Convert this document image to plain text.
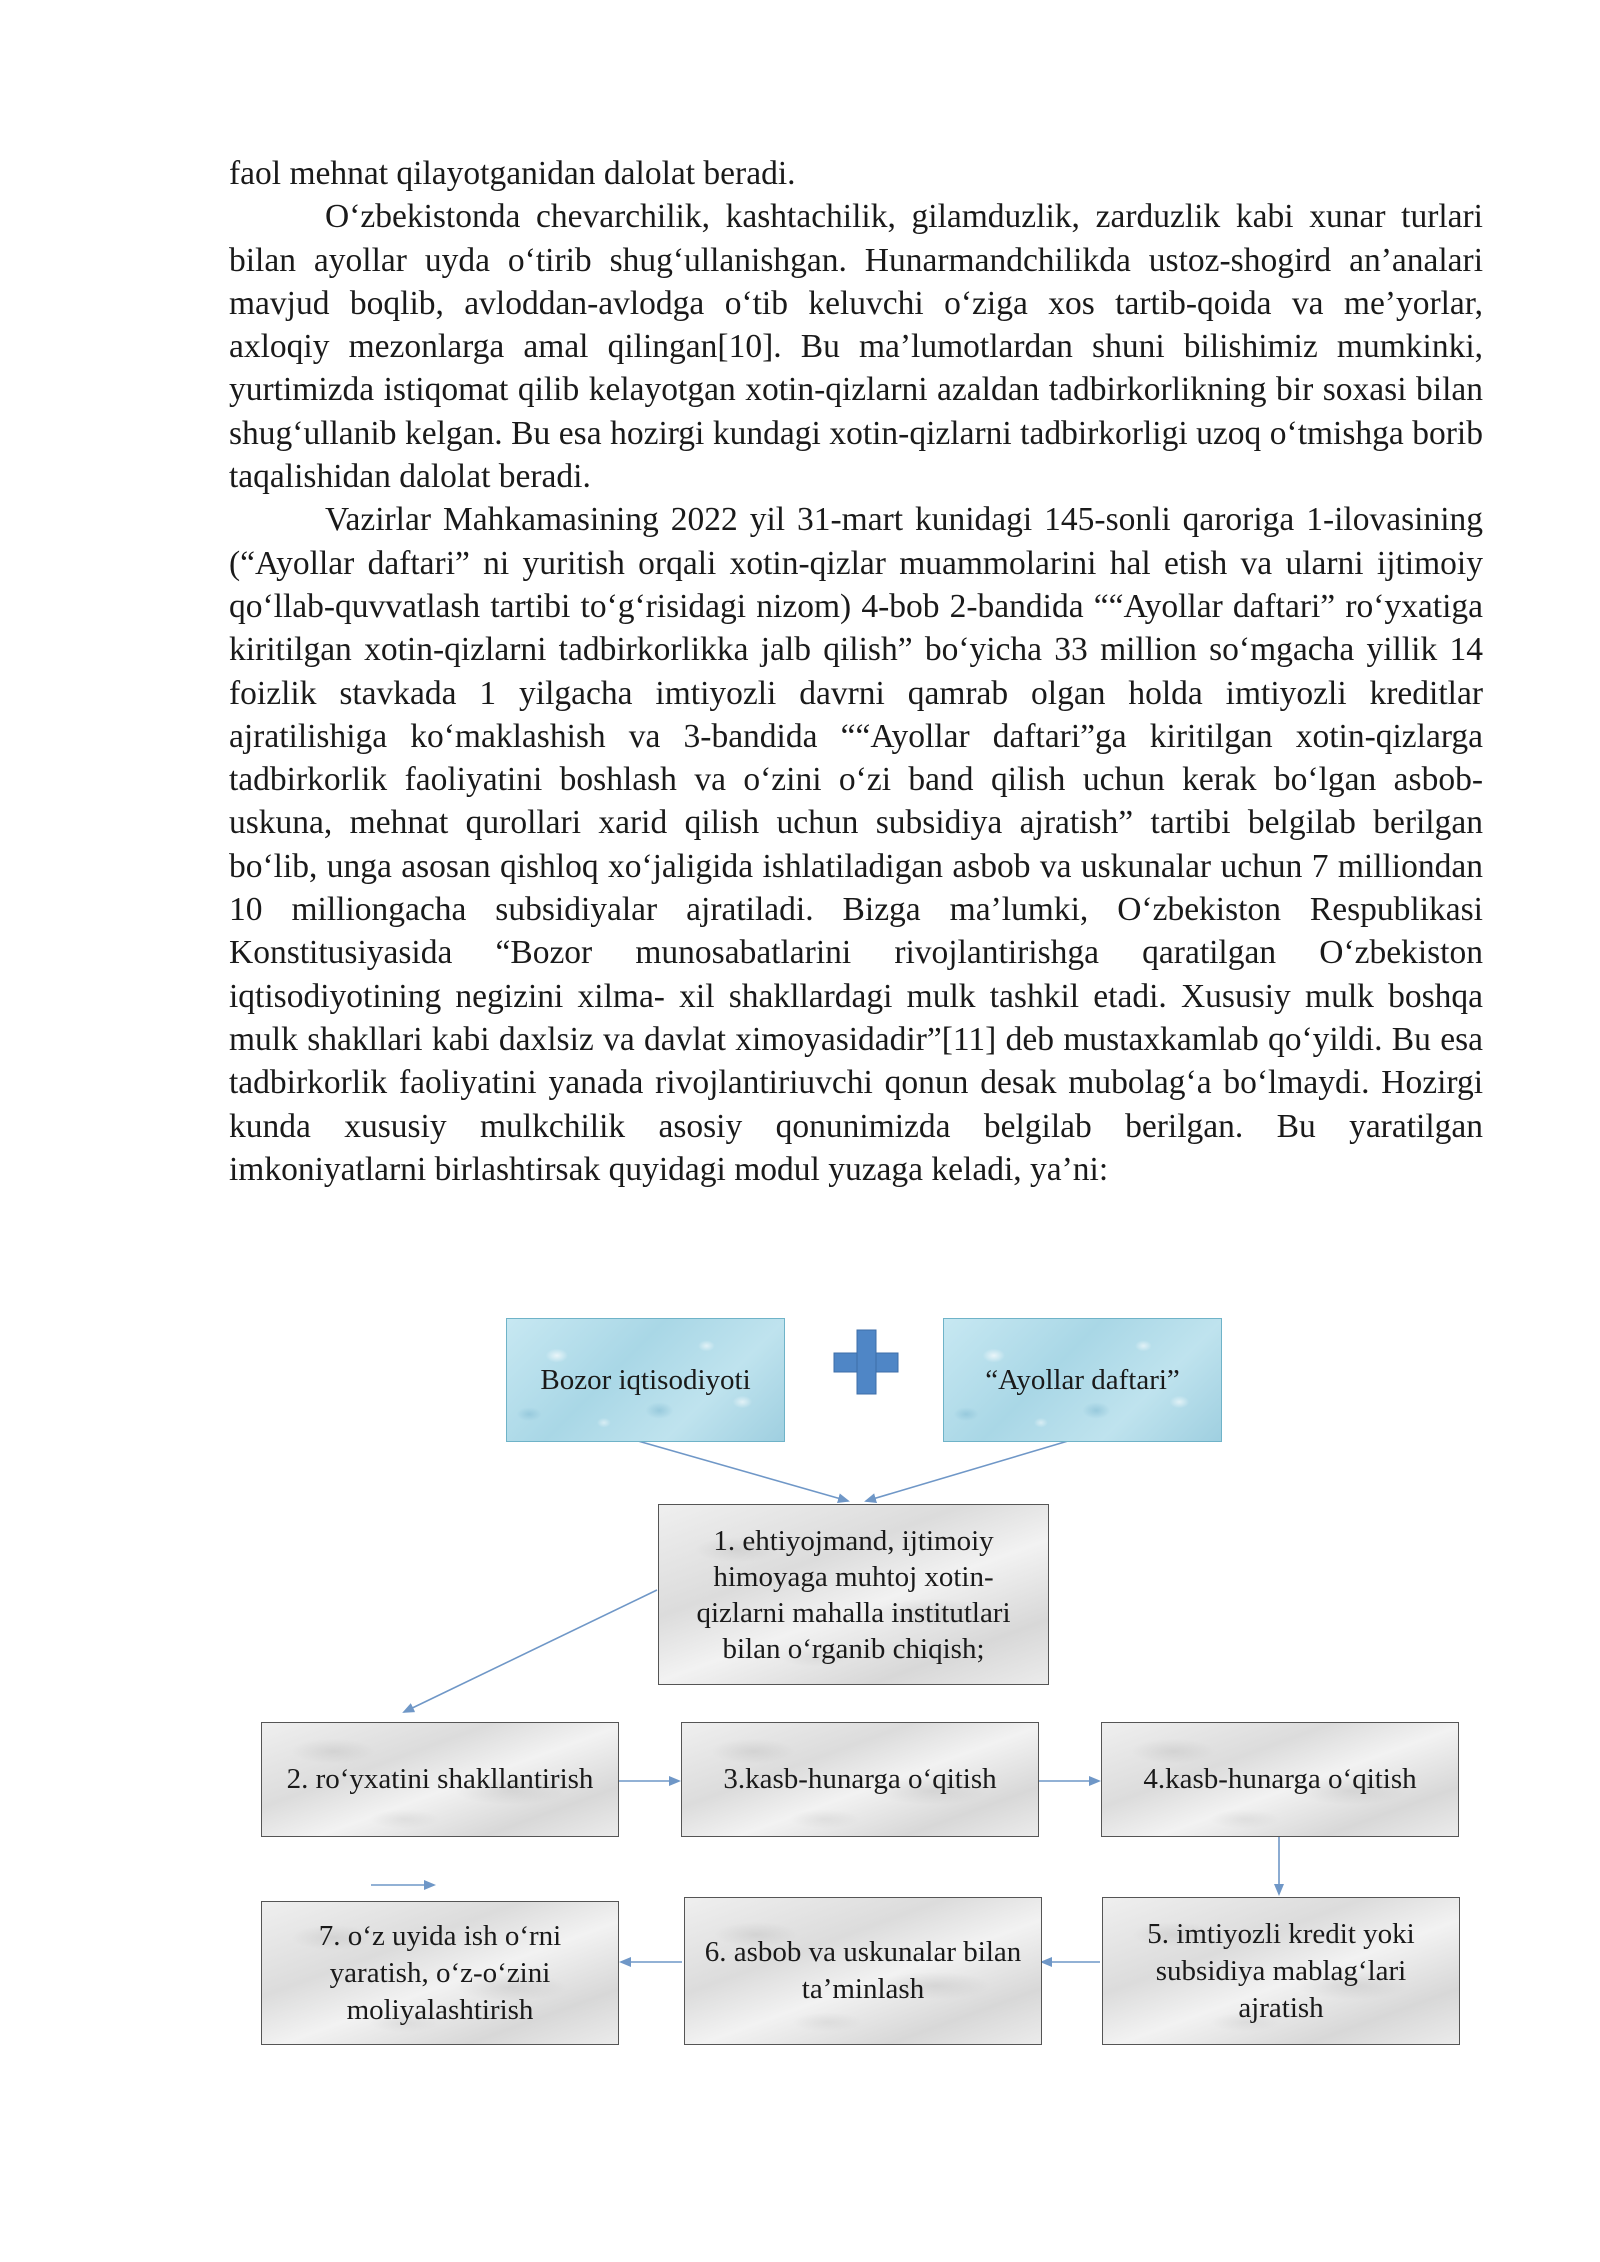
faol mehnat qilayotganidan dalolat beradi.

O‘zbekistonda chevarchilik, kashtachilik, gilamduzlik, zarduzlik kabi xunar turlari bilan ayollar uyda o‘tirib shug‘ullanishgan. Hunarmandchilikda ustoz-shogird an’analari mavjud boqlib, avloddan-avlodga o‘tib keluvchi o‘ziga xos tartib-qoida va me’yorlar, axloqiy mezonlarga amal qilingan[10]. Bu ma’lumotlardan shuni bilishimiz mumkinki, yurtimizda istiqomat qilib kelayotgan xotin-qizlarni azaldan tadbirkorlikning bir soxasi bilan shug‘ullanib kelgan. Bu esa hozirgi kundagi xotin-qizlarni tadbirkorligi uzoq o‘tmishga borib taqalishidan dalolat beradi.

Vazirlar Mahkamasining 2022 yil 31-mart kunidagi 145-sonli qaroriga 1-ilovasining (“Ayollar daftari” ni yuritish orqali xotin-qizlar muammolarini hal etish va ularni ijtimoiy qo‘llab-quvvatlash tartibi to‘g‘risidagi nizom) 4-bob 2-bandida ““Ayollar daftari” ro‘yxatiga kiritilgan xotin-qizlarni tadbirkorlikka jalb qilish” bo‘yicha 33 million so‘mgacha yillik 14 foizlik stavkada 1 yilgacha imtiyozli davrni qamrab olgan holda imtiyozli kreditlar ajratilishiga ko‘maklashish va 3-bandida ““Ayollar daftari”ga kiritilgan xotin-qizlarga tadbirkorlik faoliyatini boshlash va o‘zini o‘zi band qilish uchun kerak bo‘lgan asbob-uskuna, mehnat qurollari xarid qilish uchun subsidiya ajratish” tartibi belgilab berilgan bo‘lib, unga asosan qishloq xo‘jaligida ishlatiladigan asbob va uskunalar uchun 7 milliondan 10 milliongacha subsidiyalar ajratiladi. Bizga ma’lumki, O‘zbekiston Respublikasi Konstitusiyasida “Bozor munosabatlarini rivojlantirishga qaratilgan O‘zbekiston iqtisodiyotining negizini xilma- xil shakllardagi mulk tashkil etadi. Xususiy mulk boshqa mulk shakllari kabi daxlsiz va davlat ximoyasidadir”[11] deb mustaxkamlab qo‘yildi. Bu esa tadbirkorlik faoliyatini yanada rivojlantiriuvchi qonun desak mubolag‘a bo‘lmaydi. Hozirgi kunda xususiy mulkchilik asosiy qonunimizda belgilab berilgan. Bu yaratilgan imkoniyatlarni birlashtirsak quyidagi modul yuzaga keladi, ya’ni:

Bozor iqtisodiyoti	“Ayollar daftari”
1. ehtiyojmand, ijtimoiy himoyaga muhtoj xotin-qizlarni mahalla institutlari bilan o‘rganib chiqish;
2. ro‘yxatini shakllantirish	3.kasb-hunarga o‘qitish	4.kasb-hunarga o‘qitish
7. o‘z uyida ish o‘rni yaratish, o‘z-o‘zini moliyalashtirish
6. asbob va uskunalar bilan ta’minlash
5. imtiyozli kredit yoki subsidiya mablag‘lari ajratish
